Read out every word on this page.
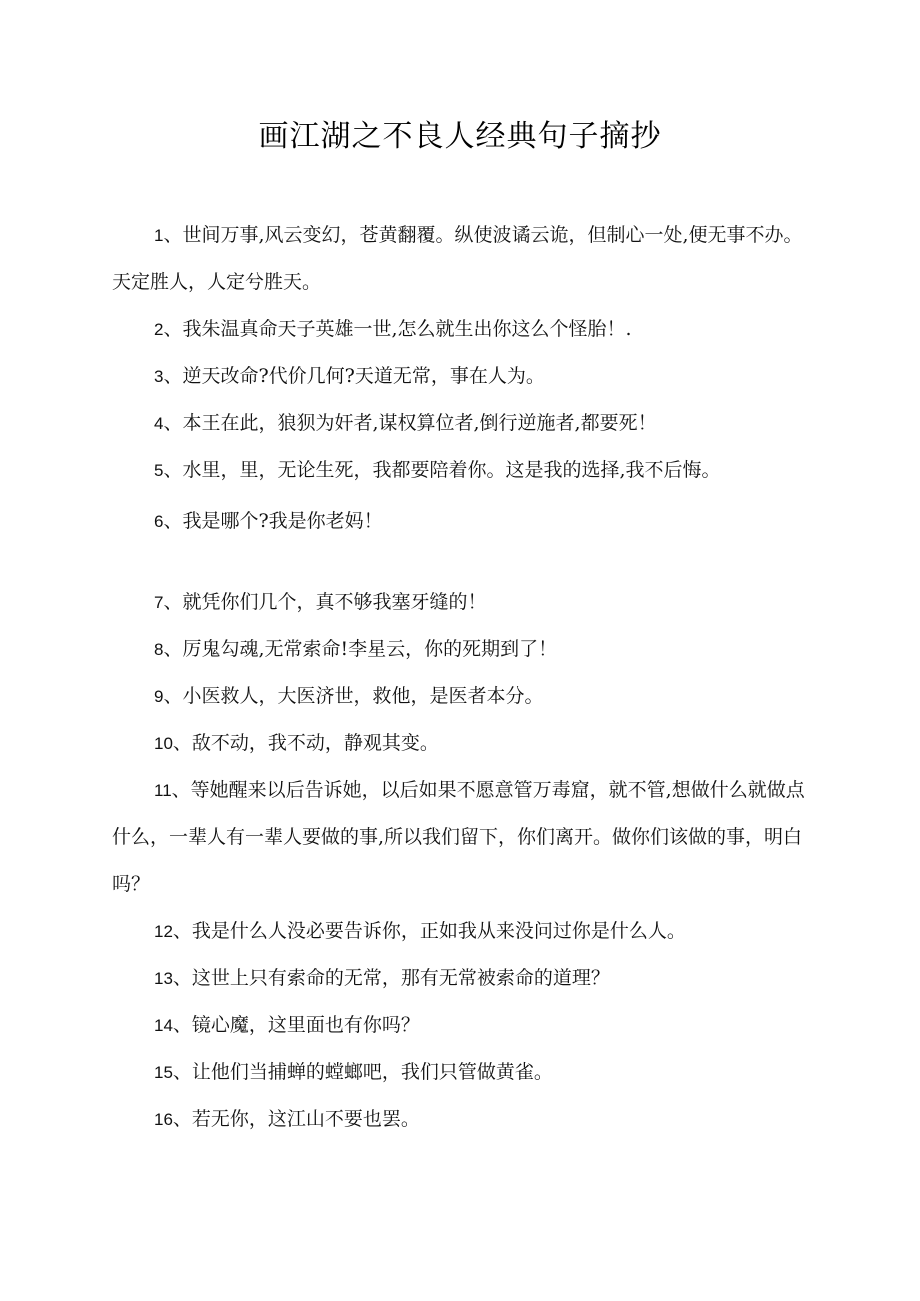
画江湖之不良人经典句子摘抄

1、世间万事,风云变幻，苍黄翻覆。纵使波谲云诡，但制心一处,便无事不办。天定胜人，人定兮胜天。

2、我朱温真命天子英雄一世,怎么就生出你这么个怪胎！.

3、逆天改命?代价几何?天道无常，事在人为。

4、本王在此，狼狈为奸者,谋权算位者,倒行逆施者,都要死！

5、水里，里，无论生死，我都要陪着你。这是我的选择,我不后悔。

6、我是哪个?我是你老妈！

7、就凭你们几个，真不够我塞牙缝的！

8、厉鬼勾魂,无常索命!李星云，你的死期到了！

9、小医救人，大医济世，救他，是医者本分。

10、敌不动，我不动，静观其变。

11、等她醒来以后告诉她，以后如果不愿意管万毒窟，就不管,想做什么就做点什么，一辈人有一辈人要做的事,所以我们留下，你们离开。做你们该做的事，明白吗？

12、我是什么人没必要告诉你，正如我从来没问过你是什么人。

13、这世上只有索命的无常，那有无常被索命的道理？

14、镜心魔，这里面也有你吗？

15、让他们当捕蝉的螳螂吧，我们只管做黄雀。

16、若无你，这江山不要也罢。
